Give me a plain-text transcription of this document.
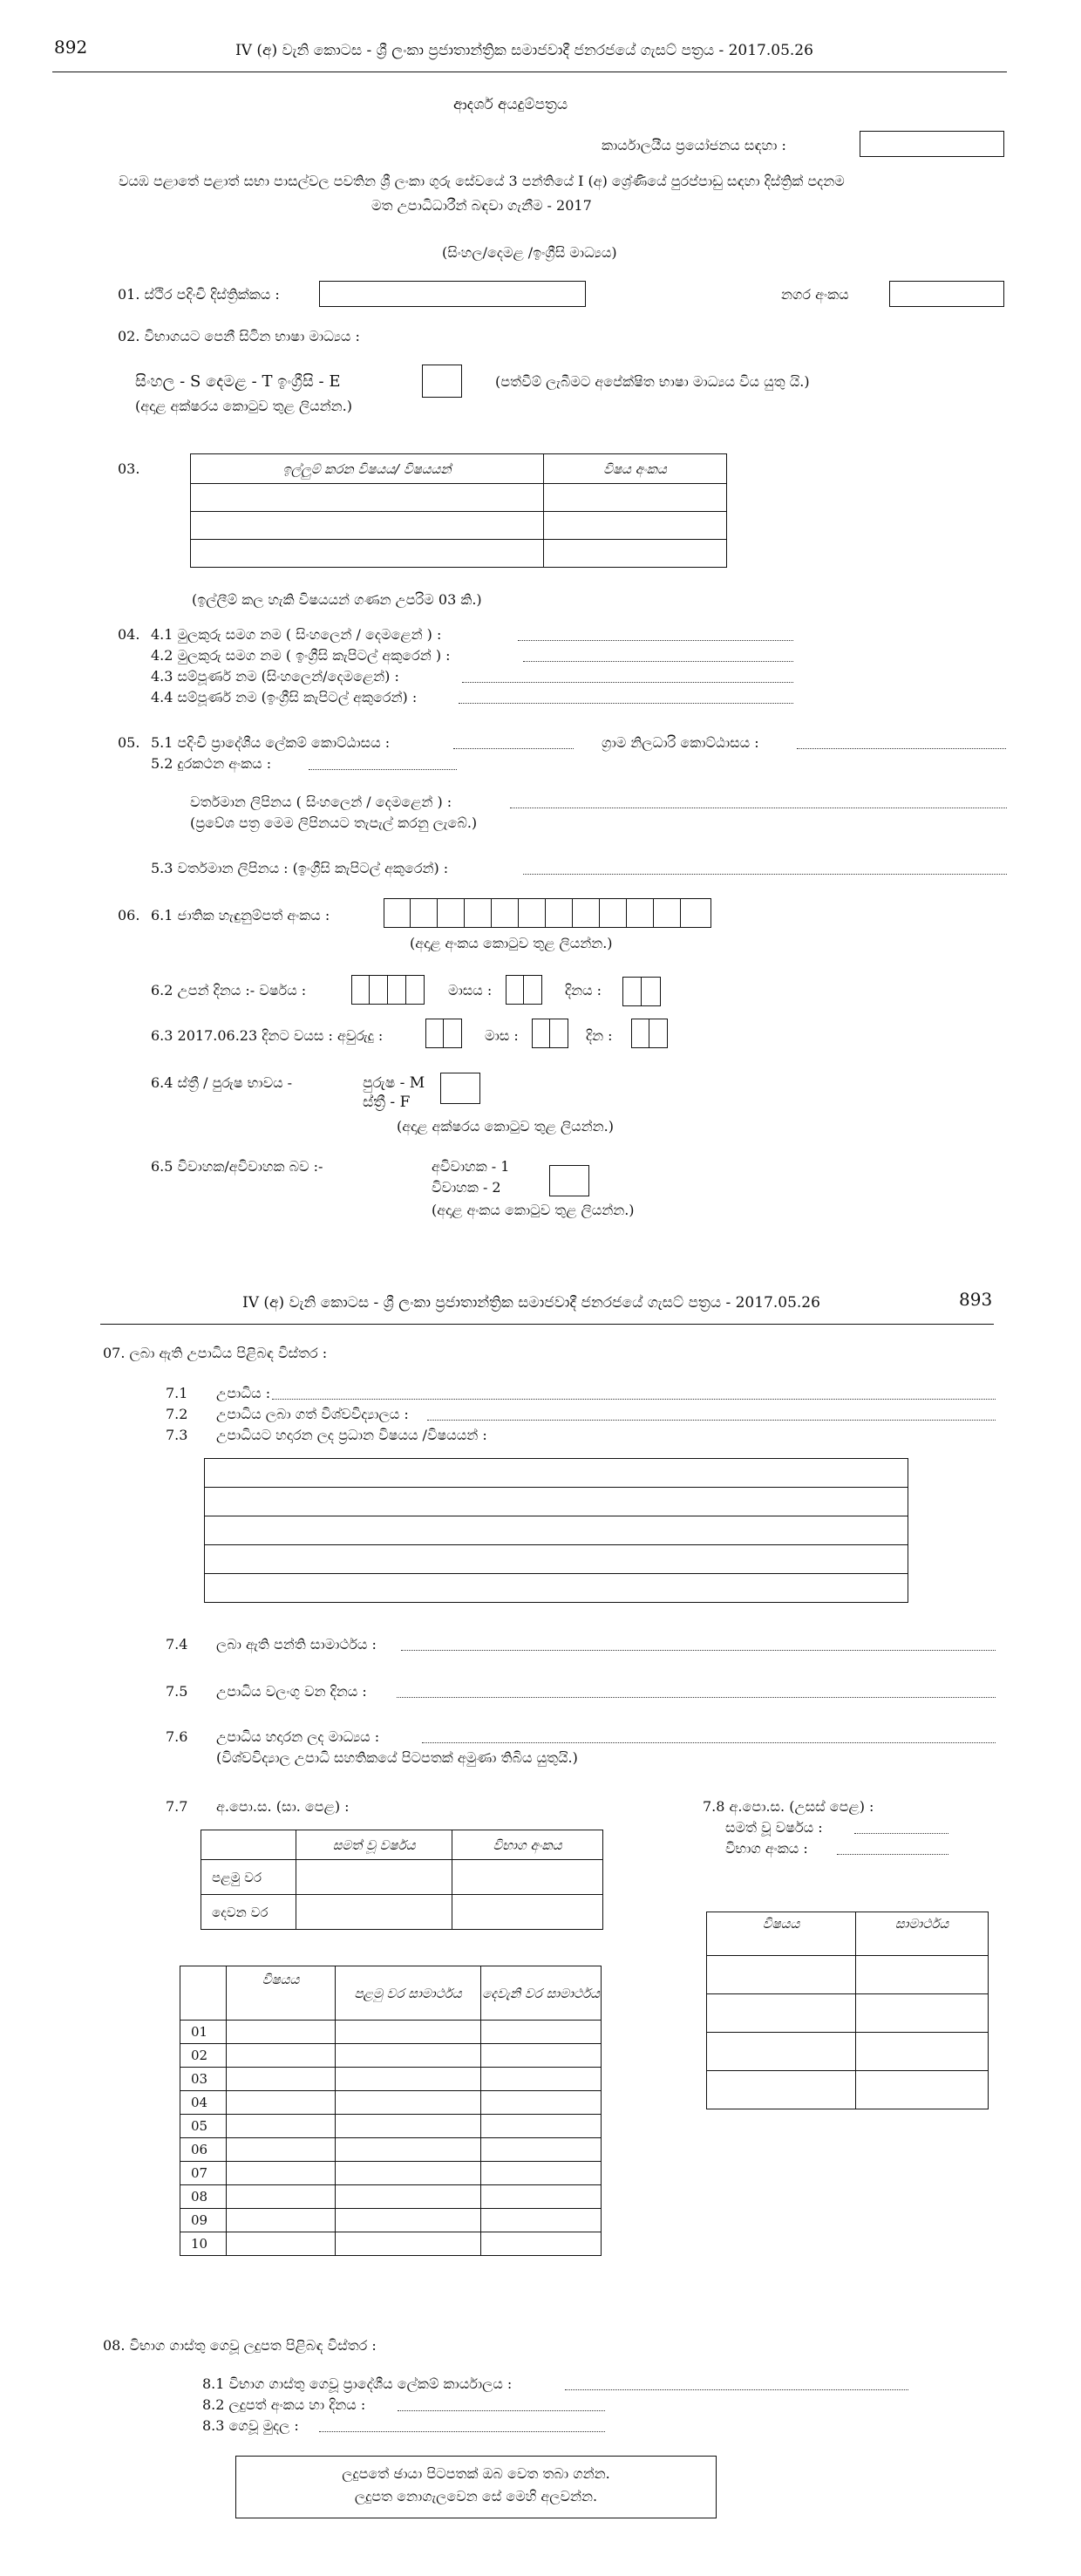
892	IV (අ) වැනි කොටස - ශ්‍රී ලංකා ප්‍රජාතාන්ත්‍රික සමාජවාදී ජනරජයේ ගැසට් පත්‍රය - 2017.05.26
ආදර්ශ අයදුම්පත්‍රය
කාර්යාලයීය ප්‍රයෝජනය සඳහා :
වයඹ පළාතේ පළාත් සභා පාසල්වල පවතින ශ්‍රී ලංකා ගුරු සේවයේ 3 පන්තියේ I (අ) ශ්‍රේණියේ පුරප්පාඩු සඳහා දිස්ත්‍රික් පදනම
මත උපාධිධාරීන් බඳවා ගැනීම - 2017
(සිංහල/දෙමළ /ඉංග්‍රීසි මාධ්‍යය)
01. ස්ථිර පදිංචි දිස්ත්‍රික්කය :	නගර අංකය
02. විභාගයට පෙනී සිටින භාෂා මාධ්‍යය :
සිංහල - S දෙමළ - T ඉංග්‍රීසි - E	(පත්වීම් ලැබීමට අපේක්ෂිත භාෂා මාධ්‍යය විය යුතු යි.)
(අදාළ අක්ෂරය කොටුව තුළ ලියන්න.)
03.	ඉල්ලුම් කරන විෂයය/ විෂයයන්	විෂය අංකය

(ඉල්ලීම් කල හැකි විෂයයන් ගණන උපරිම 03 කි.)
04. 4.1 මුලකුරු සමග නම ( සිංහලෙන් / දෙමළෙන් ) :
4.2 මුලකුරු සමග නම ( ඉංග්‍රීසි කැපිටල් අකුරෙන් ) :
4.3 සම්පූර්ණ නම (සිංහලෙන්/දෙමළෙන්) :
4.4 සම්පූර්ණ නම (ඉංග්‍රීසි කැපිටල් අකුරෙන්) :
05. 5.1 පදිංචි ප්‍රාදේශීය ලේකම් කොට්ඨාසය :	ග්‍රාම නිලධාරි කොට්ඨාසය :
5.2 දුරකථන අංකය :
වර්තමාන ලිපිනය ( සිංහලෙන් / දෙමළෙන් ) :
(ප්‍රවේශ පත්‍ර මෙම ලිපිනයට තැපැල් කරනු ලැබේ.)
5.3 වර්තමාන ලිපිනය : (ඉංග්‍රීසි කැපිටල් අකුරෙන්) :
06. 6.1 ජාතික හැඳුනුම්පත් අංකය :
(අදාළ අංකය කොටුව තුළ ලියන්න.)
6.2 උපන් දිනය :- වර්ෂය :	මාසය :	දිනය :
6.3 2017.06.23 දිනට වයස : අවුරුදු :	මාස :	දින :
6.4 ස්ත්‍රී / පුරුෂ භාවය -	පුරුෂ - M
ස්ත්‍රී - F
(අදාළ අක්ෂරය කොටුව තුළ ලියන්න.)
6.5 විවාහක/අවිවාහක බව :-	අවිවාහක - 1
විවාහක - 2
(අදාළ අංකය කොටුව තුළ ලියන්න.)
IV (අ) වැනි කොටස - ශ්‍රී ලංකා ප්‍රජාතාන්ත්‍රික සමාජවාදී ජනරජයේ ගැසට් පත්‍රය - 2017.05.26	893
07. ලබා ඇති උපාධිය පිළිබඳ විස්තර :
7.1 උපාධිය :
7.2 උපාධිය ලබා ගත් විශ්වවිද්‍යාලය :
7.3 උපාධියට හදාරන ලද ප්‍රධාන විෂයය /විෂයයන් :

7.4 ලබා ඇති පන්ති සාමාර්ථය :
7.5 උපාධිය වලංගු වන දිනය :
7.6 උපාධිය හදාරන ලද මාධ්‍යය :
(විශ්වවිද්‍යාල උපාධි සහතිකයේ පිටපතක් අමුණා තිබිය යුතුයි.)
7.7 අ.පො.ස. (සා. පෙළ) :
	සමත් වූ වර්ෂය	විභාග අංකය
පළමු වර		
දෙවන වර		
	විෂයය	පළමු වර සාමාර්ථය	දෙවැනි වර සාමාර්ථය
01			
02			
03			
04			
05			
06			
07			
08			
09			
10			
7.8 අ.පො.ස. (උසස් පෙළ) :
සමත් වූ වර්ෂය :
විභාග අංකය :
විෂයය	සාමාර්ථය

08. විභාග ගාස්තු ගෙවූ ලදුපත පිළිබඳ විස්තර :
8.1 විභාග ගාස්තු ගෙවූ ප්‍රාදේශීය ලේකම් කාර්යාලය :
8.2 ලදුපත් අංකය හා දිනය :
8.3 ගෙවූ මුදල :
ලදුපතේ ඡායා පිටපතක් ඔබ වෙත තබා ගන්න.
ලදුපත නොගැලවෙන සේ මෙහි අලවන්න.
